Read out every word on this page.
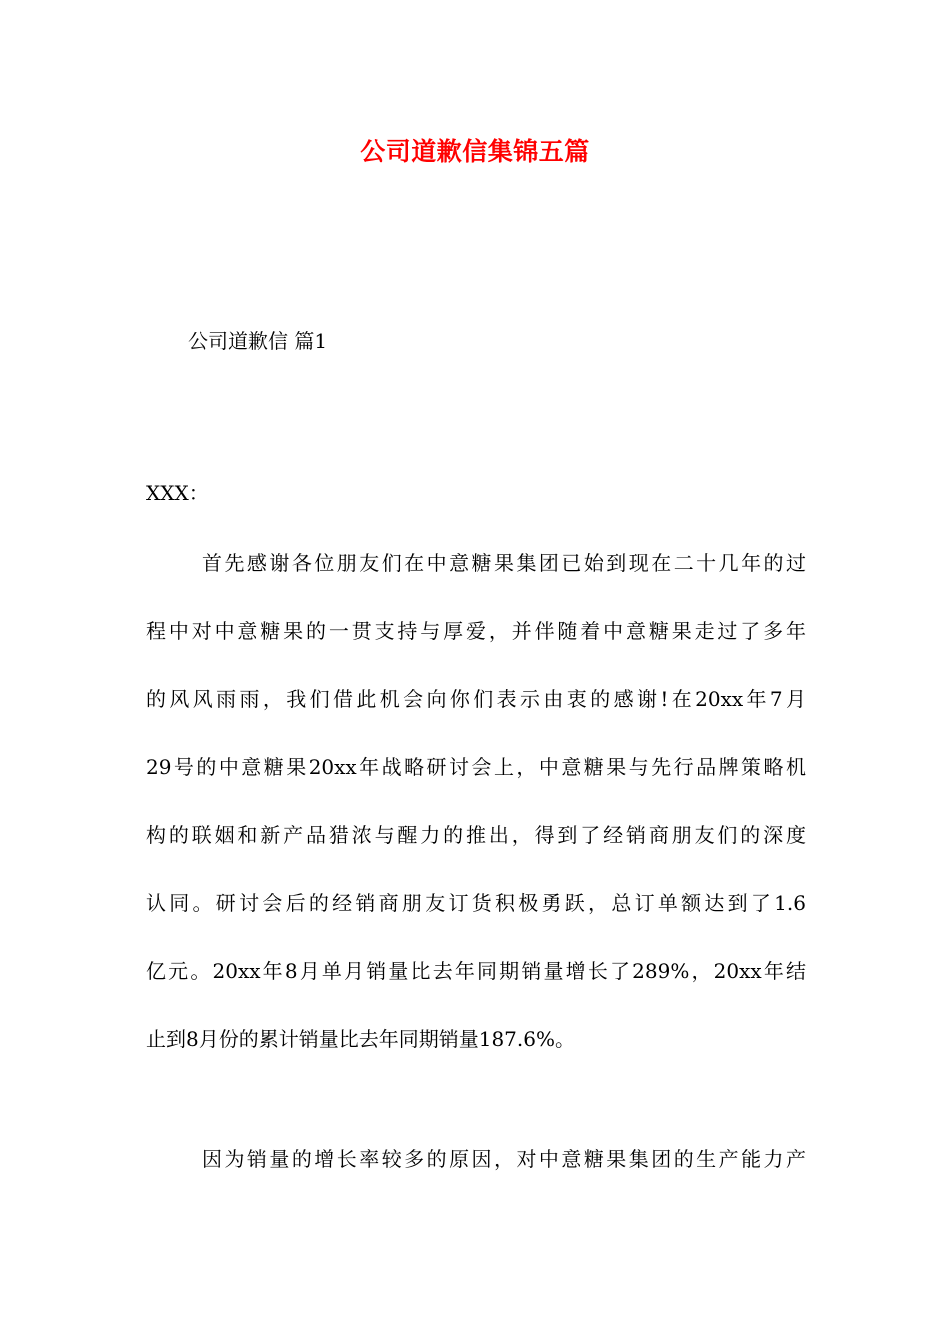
公司道歉信集锦五篇
公司道歉信 篇1
XXX：
首先感谢各位朋友们在中意糖果集团已始到现在二十几年的过
程中对中意糖果的一贯支持与厚爱，并伴随着中意糖果走过了多年
的风风雨雨，我们借此机会向你们表示由衷的感谢!在20xx年7月
29号的中意糖果20xx年战略研讨会上，中意糖果与先行品牌策略机
构的联姻和新产品猎浓与醒力的推出，得到了经销商朋友们的深度
认同。研讨会后的经销商朋友订货积极勇跃，总订单额达到了1.6
亿元。20xx年8月单月销量比去年同期销量增长了289%，20xx年结
止到8月份的累计销量比去年同期销量187.6%。
因为销量的增长率较多的原因，对中意糖果集团的生产能力产
